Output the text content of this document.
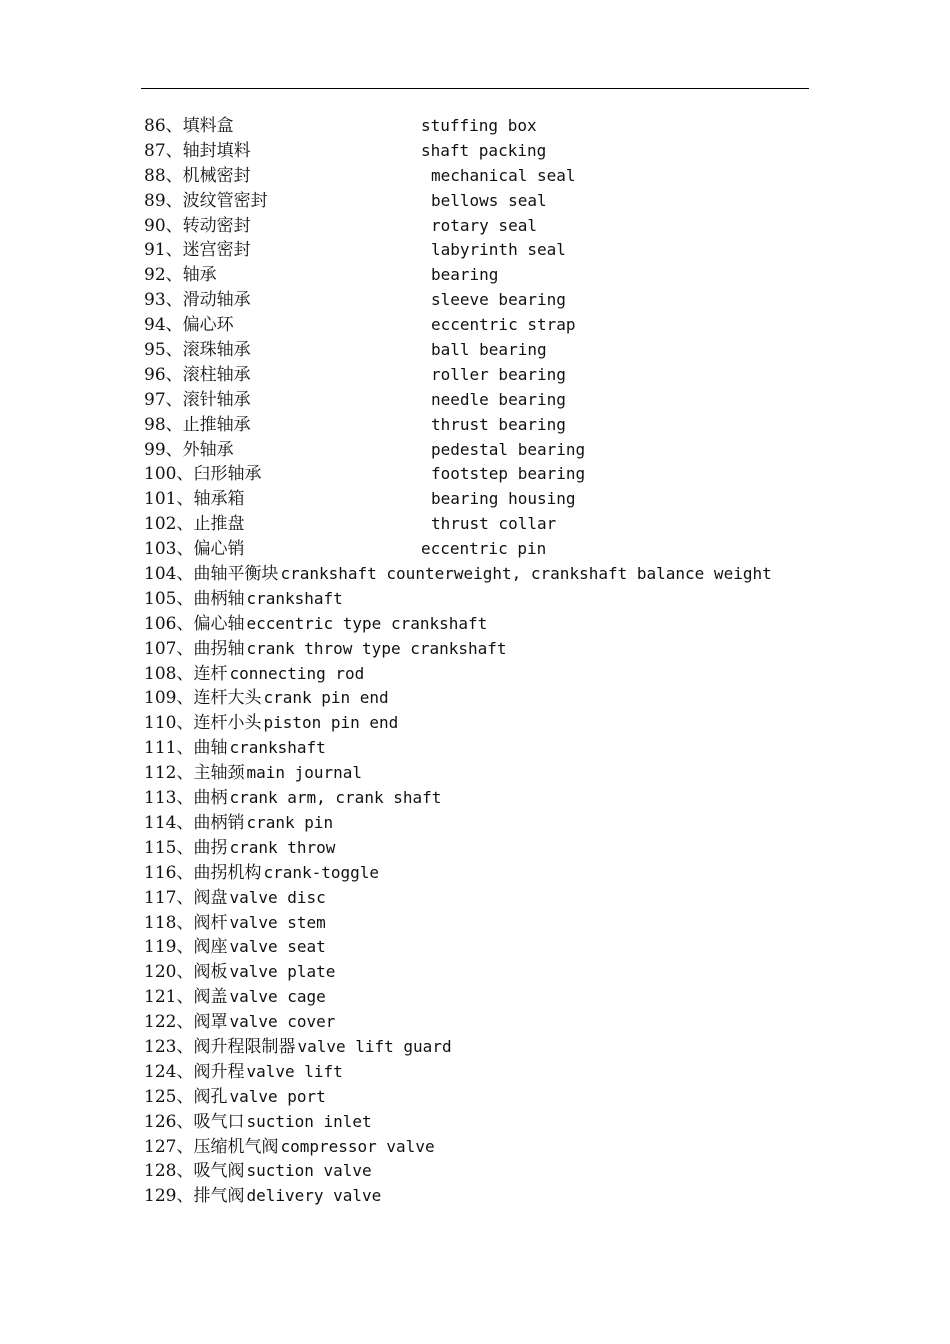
86、填料盒	stuffing box
87、轴封填料	shaft packing
88、机械密封	mechanical seal
89、波纹管密封	bellows seal
90、转动密封	rotary seal
91、迷宫密封	labyrinth seal
92、轴承	bearing
93、滑动轴承	sleeve bearing
94、偏心环	eccentric strap
95、滚珠轴承	ball bearing
96、滚柱轴承	roller bearing
97、滚针轴承	needle bearing
98、止推轴承	thrust bearing
99、外轴承	pedestal bearing
100、臼形轴承	footstep bearing
101、轴承箱	bearing housing
102、止推盘	thrust collar
103、偏心销	eccentric pin
104、曲轴平衡块 crankshaft counterweight, crankshaft balance weight
105、曲柄轴 crankshaft
106、偏心轴 eccentric type crankshaft
107、曲拐轴 crank throw type crankshaft
108、连杆 connecting rod
109、连杆大头 crank pin end
110、连杆小头 piston pin end
111、曲轴 crankshaft
112、主轴颈 main journal
113、曲柄 crank arm, crank shaft
114、曲柄销 crank pin
115、曲拐 crank throw
116、曲拐机构 crank-toggle
117、阀盘 valve disc
118、阀杆 valve stem
119、阀座 valve seat
120、阀板 valve plate
121、阀盖 valve cage
122、阀罩 valve cover
123、阀升程限制器 valve lift guard
124、阀升程 valve lift
125、阀孔 valve port
126、吸气口 suction inlet
127、压缩机气阀 compressor valve
128、吸气阀 suction valve
129、排气阀 delivery valve
